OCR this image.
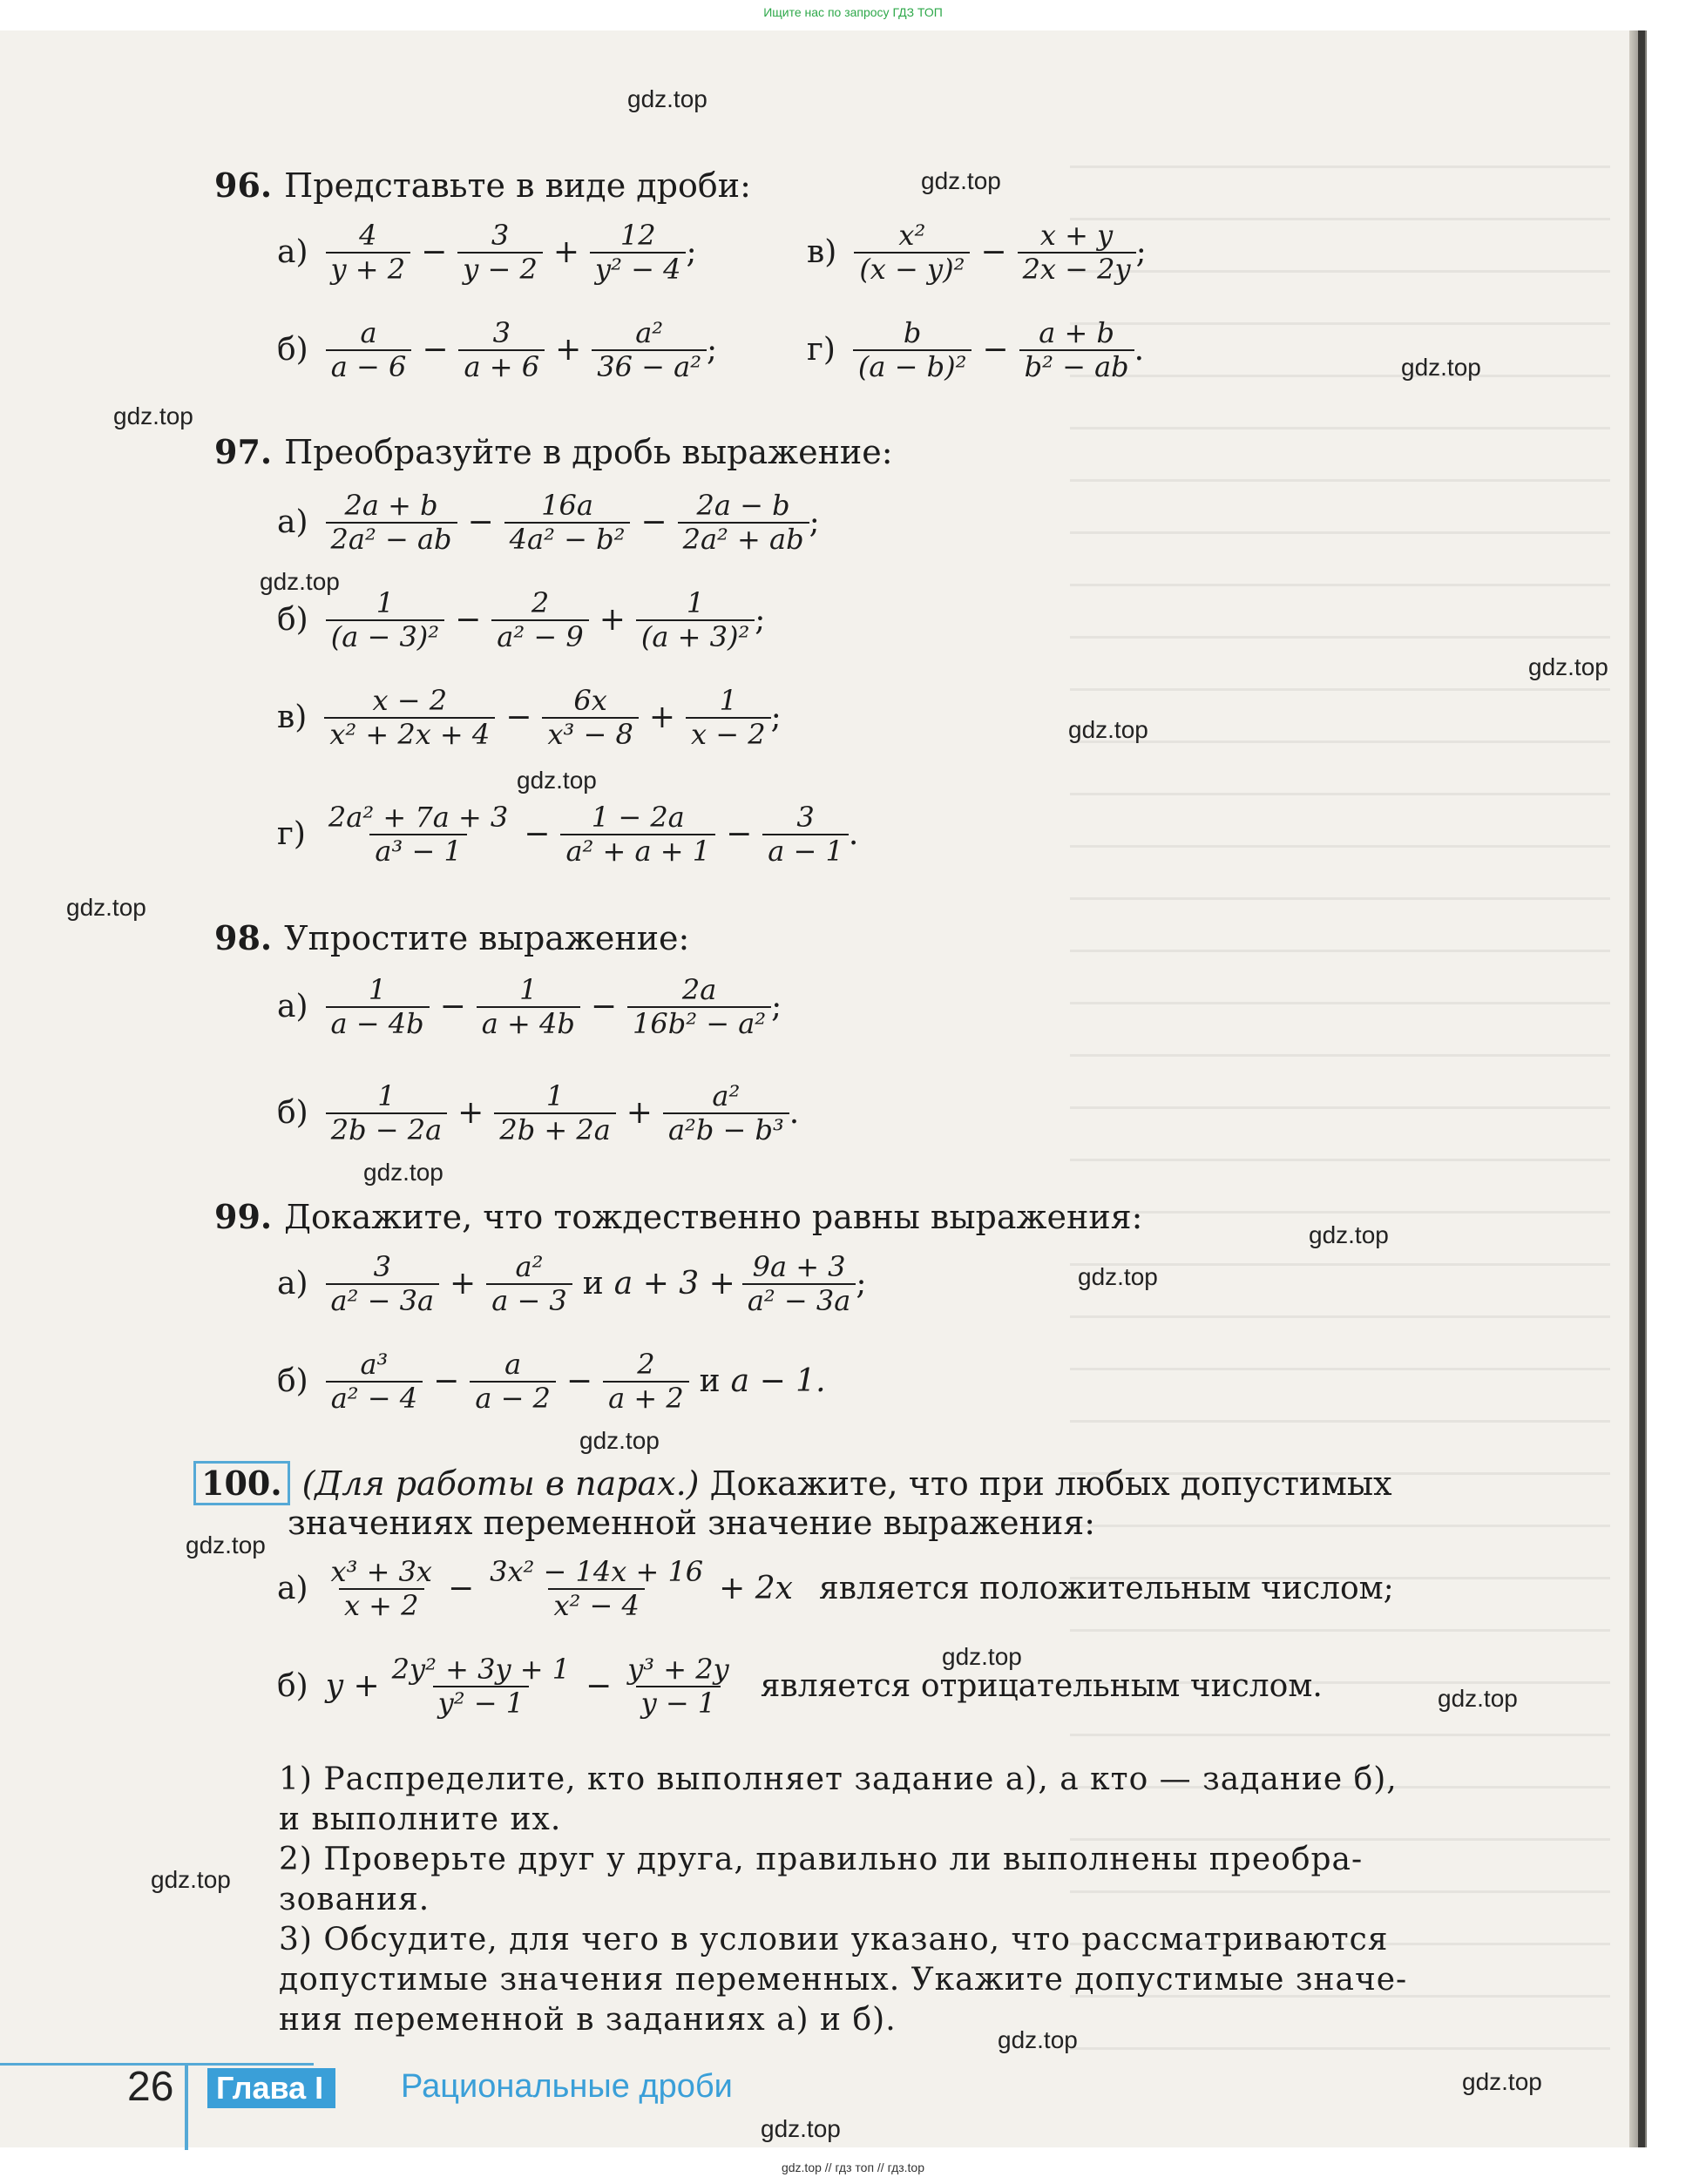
Ищите нас по запросу ГДЗ ТОП
gdz.top
gdz.top
gdz.top
gdz.top
gdz.top
gdz.top
gdz.top
gdz.top
gdz.top
gdz.top
gdz.top
gdz.top
gdz.top
gdz.top
gdz.top
gdz.top
gdz.top
gdz.top
gdz.top
gdz.top
96. Представьте в виде дроби:
$а) \frac{4}{y + 2} - \frac{3}{y - 2} + \frac{12}{\text{y² − 4}}$ ;	$в) \frac{\text{x²}}{\text{(x − y)²}} - \frac{x + y}{2x - 2y}$ ;
$б) \frac{a}{a - 6} - \frac{3}{a + 6} + \frac{\text{a²}}{\text{36 − a²}}$ ;	$г) \frac{b}{\text{(a − b)²}} - \frac{a + b}{\text{b² − ab}}$ .
97. Преобразуйте в дробь выражение:
$а) \frac{2a + b}{\text{2a² − ab}} - \frac{16a}{\text{4a² − b²}} - \frac{2a - b}{\text{2a² + ab}}$ ;
$б) \frac{1}{\text{(a − 3)²}} - \frac{2}{\text{a² − 9}} + \frac{1}{\text{(a + 3)²}}$ ;
$в) \frac{x - 2}{\text{x² + 2x + 4}} - \frac{6x}{\text{x³ − 8}} + \frac{1}{x - 2}$ ;
$г) \frac{\text{2a² + 7a + 3}}{\text{a³ − 1}} - \frac{1 - 2a}{\text{a² + a + 1}} - \frac{3}{a - 1}$ .
98. Упростите выражение:
$а) \frac{1}{a - 4b} - \frac{1}{a + 4b} - \frac{2a}{\text{16b² − a²}}$ ;
$б) \frac{1}{2b - 2a} + \frac{1}{2b + 2a} + \frac{\text{a²}}{\text{a²b − b³}}$ .
99. Докажите, что тождественно равны выражения:
$а) \frac{3}{\text{a² − 3a}} + \frac{\text{a²}}{a - 3}$ и $a + 3 + \frac{9a + 3}{\text{a² − 3a}}$ ;
$б) \frac{\text{a³}}{\text{a² − 4}} - \frac{a}{a - 2} - \frac{2}{a + 2}$ и a − 1.
100. (Для работы в парах.) Докажите, что при любых допустимых
значениях переменной значение выражения:
$а) \frac{\text{x³ + 3x}}{x + 2} - \frac{\text{3x² − 14x + 16}}{\text{x² − 4}} + 2x$ является положительным числом;
б) $y + \frac{\text{2y² + 3y + 1}}{\text{y² − 1}} - \frac{\text{y³ + 2y}}{y - 1}$ является отрицательным числом.
1) Распределите, кто выполняет задание а), а кто — задание б),
и выполните их.
2) Проверьте друг у друга, правильно ли выполнены преобра-
зования.
3) Обсудите, для чего в условии указано, что рассматриваются
допустимые значения переменных. Укажите допустимые значе-
ния переменной в заданиях а) и б).
26 Глава I	Рациональные дроби
gdz.top // гдз топ // гдз.top
